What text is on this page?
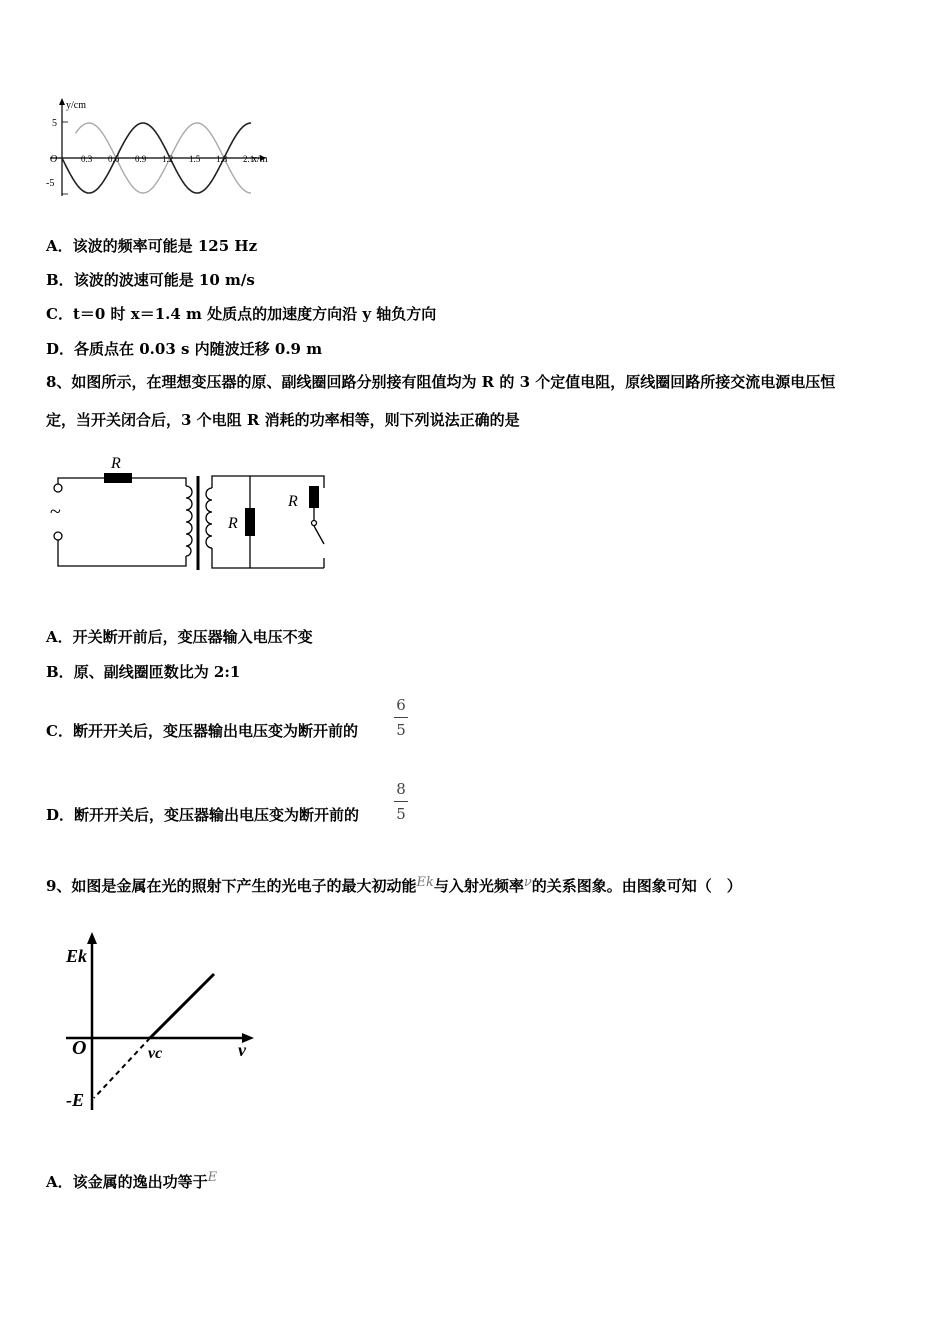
y/cm
x/m
O
5
-5
0.3 0.6 0.9 1.2 1.5 1.8 2.1
A．该波的频率可能是 125 Hz
B．该波的波速可能是 10 m/s
C．t＝0 时 x＝1.4 m 处质点的加速度方向沿 y 轴负方向
D．各质点在 0.03 s 内随波迁移 0.9 m
8、如图所示，在理想变压器的原、副线圈回路分别接有阻值均为 R 的 3 个定值电阻，原线圈回路所接交流电源电压恒
定，当开关闭合后，3 个电阻 R 消耗的功率相等，则下列说法正确的是
R
R
R
~
A．开关断开前后，变压器输入电压不变
B．原、副线圈匝数比为 2:1
C．断开开关后，变压器输出电压变为断开前的
6
5
D．断开开关后，变压器输出电压变为断开前的
8
5
9、如图是金属在光的照射下产生的光电子的最大初动能Ek与入射光频率ν的关系图象。由图象可知（　）
Ek
O	νc	ν
-E
A．该金属的逸出功等于E
